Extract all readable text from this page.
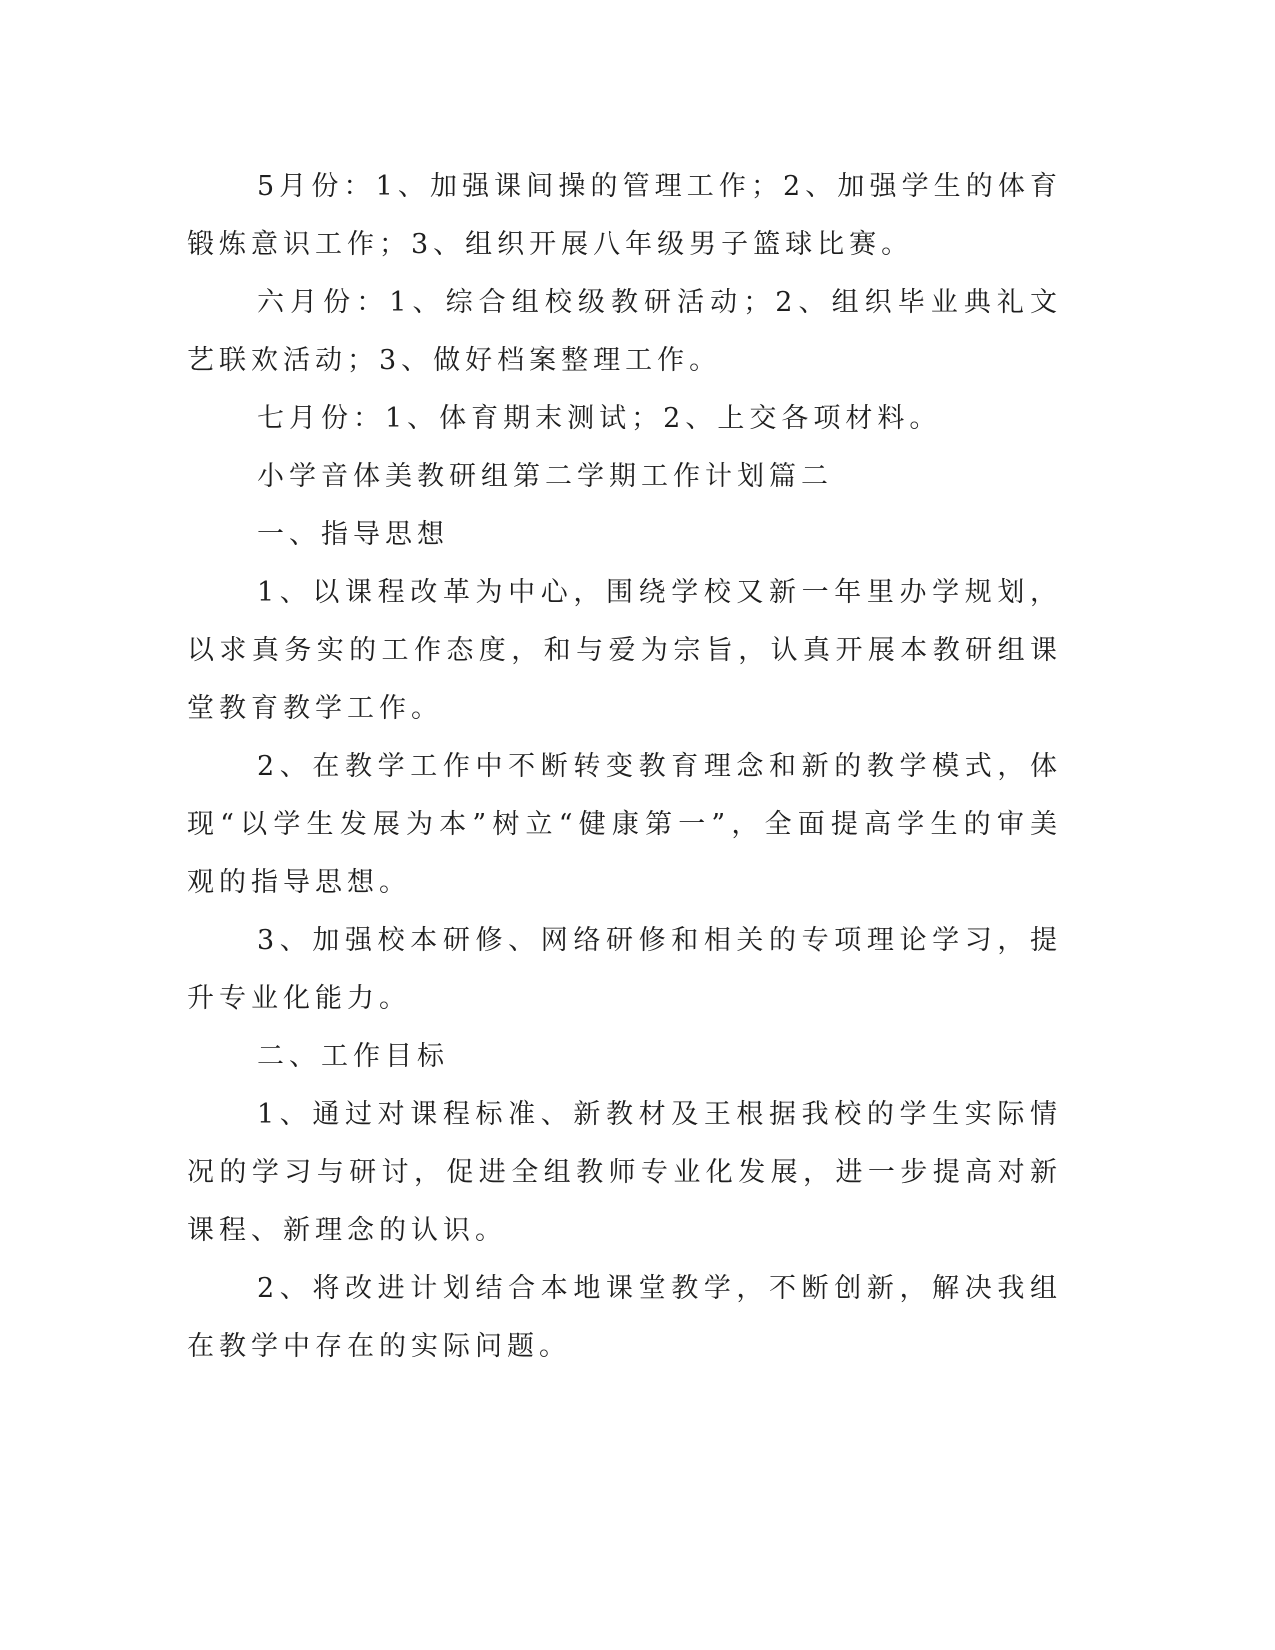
5月份：1、加强课间操的管理工作；2、加强学生的体育锻炼意识工作；3、组织开展八年级男子篮球比赛。

六月份：1、综合组校级教研活动；2、组织毕业典礼文艺联欢活动；3、做好档案整理工作。

七月份：1、体育期末测试；2、上交各项材料。

小学音体美教研组第二学期工作计划篇二

一、指导思想

1、以课程改革为中心，围绕学校又新一年里办学规划，以求真务实的工作态度，和与爱为宗旨，认真开展本教研组课堂教育教学工作。

2、在教学工作中不断转变教育理念和新的教学模式，体现“以学生发展为本”树立“健康第一”，全面提高学生的审美观的指导思想。

3、加强校本研修、网络研修和相关的专项理论学习，提升专业化能力。

二、工作目标

1、通过对课程标准、新教材及王根据我校的学生实际情况的学习与研讨，促进全组教师专业化发展，进一步提高对新课程、新理念的认识。

2、将改进计划结合本地课堂教学，不断创新，解决我组在教学中存在的实际问题。
